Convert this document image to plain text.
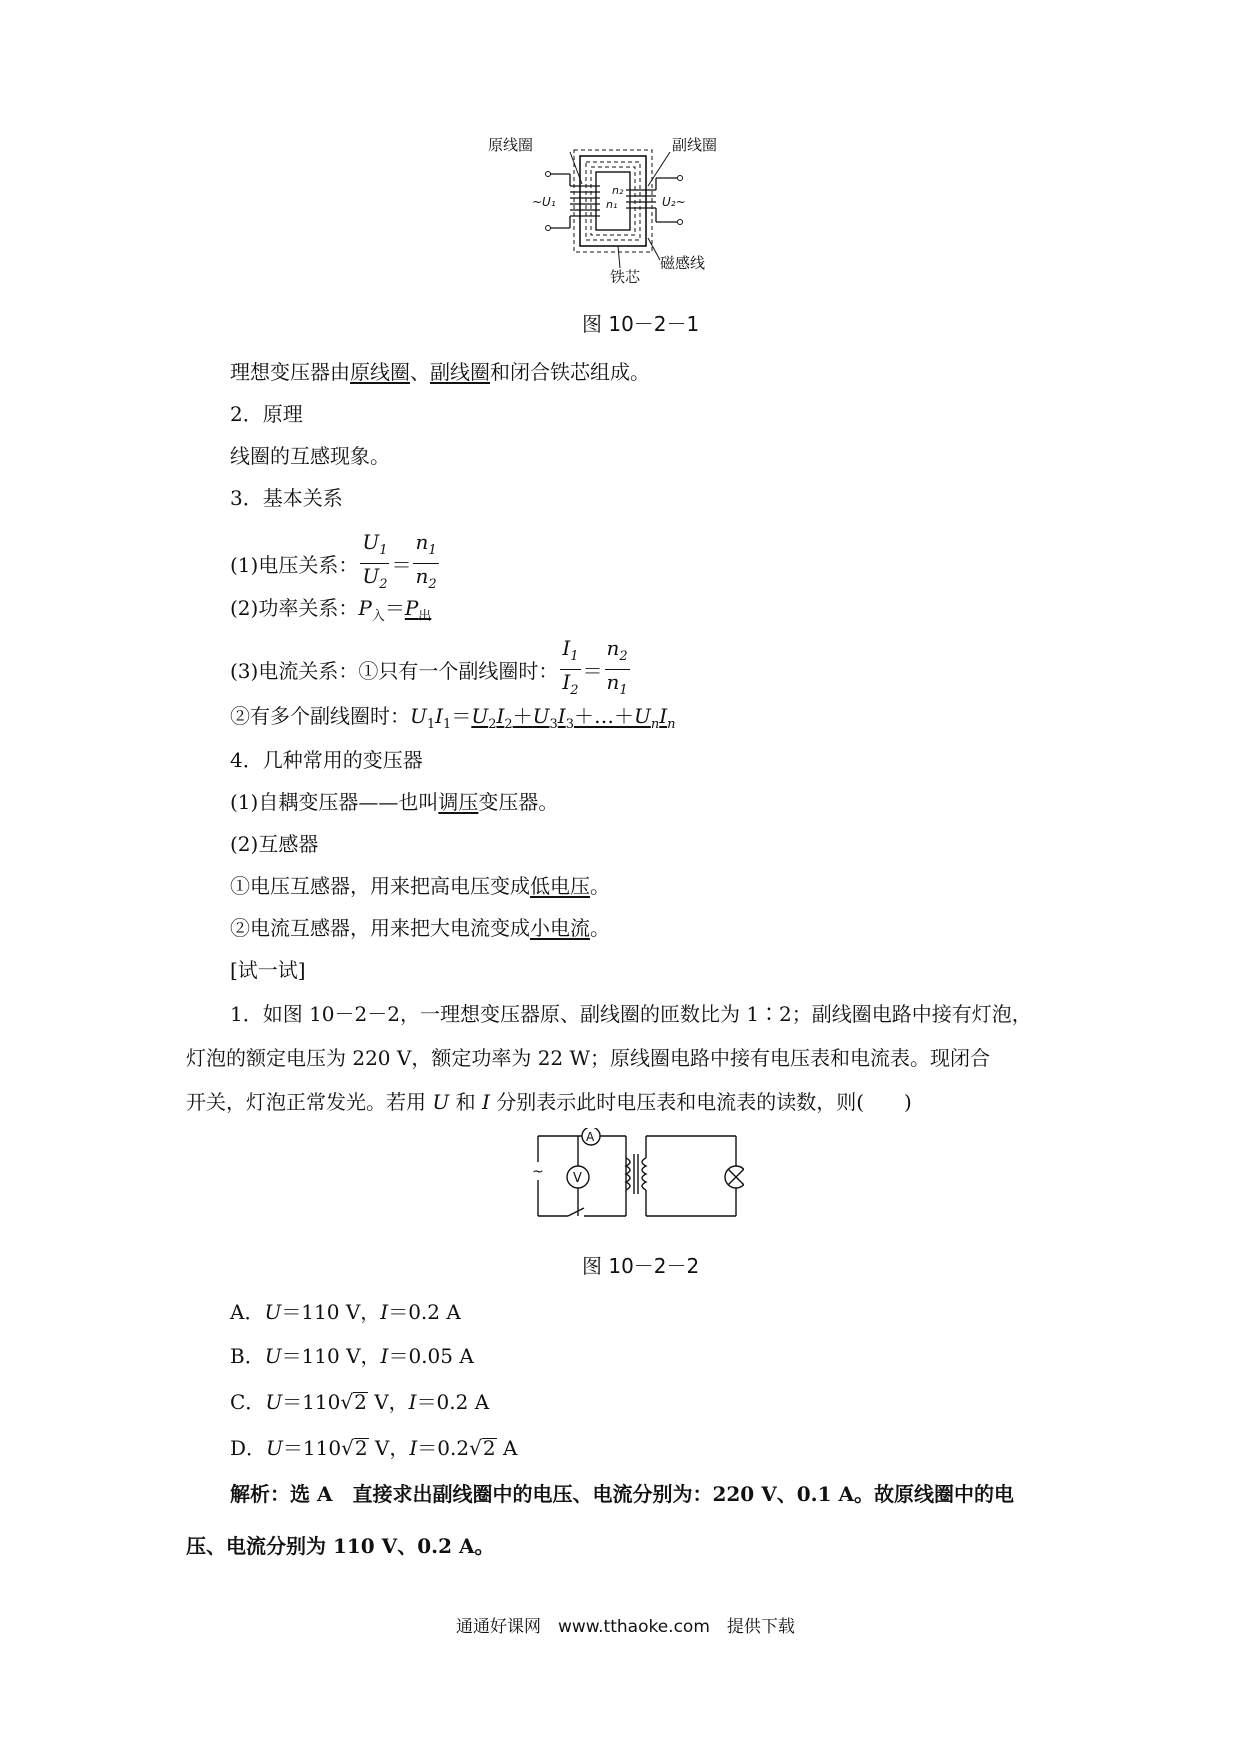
n₂
n₁
~U₁	U₂~
原线圈	副线圈
铁芯
磁感线
图 10－2－1
理想变压器由原线圈、副线圈和闭合铁芯组成。
2．原理
线圈的互感现象。
3．基本关系
(1)电压关系： $\frac{U_1}{U_2} = \frac{n_1}{n_2}$
(2)功率关系：$P_入=P_出$
(3)电流关系：①只有一个副线圈时： $\frac{I_1}{I_2} = \frac{n_2}{n_1}$
②有多个副线圈时：$U_1I_1=U_2I_2+U_3I_3+\dots+U_nI_n$
4．几种常用的变压器
(1)自耦变压器——也叫调压变压器。
(2)互感器
①电压互感器，用来把高电压变成低电压。
②电流互感器，用来把大电流变成小电流。
[试一试]
1．如图 10－2－2，一理想变压器原、副线圈的匝数比为 1∶2；副线圈电路中接有灯泡，
灯泡的额定电压为 220 V，额定功率为 22 W；原线圈电路中接有电压表和电流表。现闭合
开关，灯泡正常发光。若用 U 和 I 分别表示此时电压表和电流表的读数，则(　　)
~
A
V
图 10－2－2
A．U＝110 V，I＝0.2 A
B．U＝110 V，I＝0.05 A
C．U＝110√2 V，I＝0.2 A
D．U＝110√2 V，I＝0.2√2 A
解析：选 A　直接求出副线圈中的电压、电流分别为：220 V、0.1 A。故原线圈中的电
压、电流分别为 110 V、0.2 A。
通通好课网　www.tthaoke.com　提供下载
